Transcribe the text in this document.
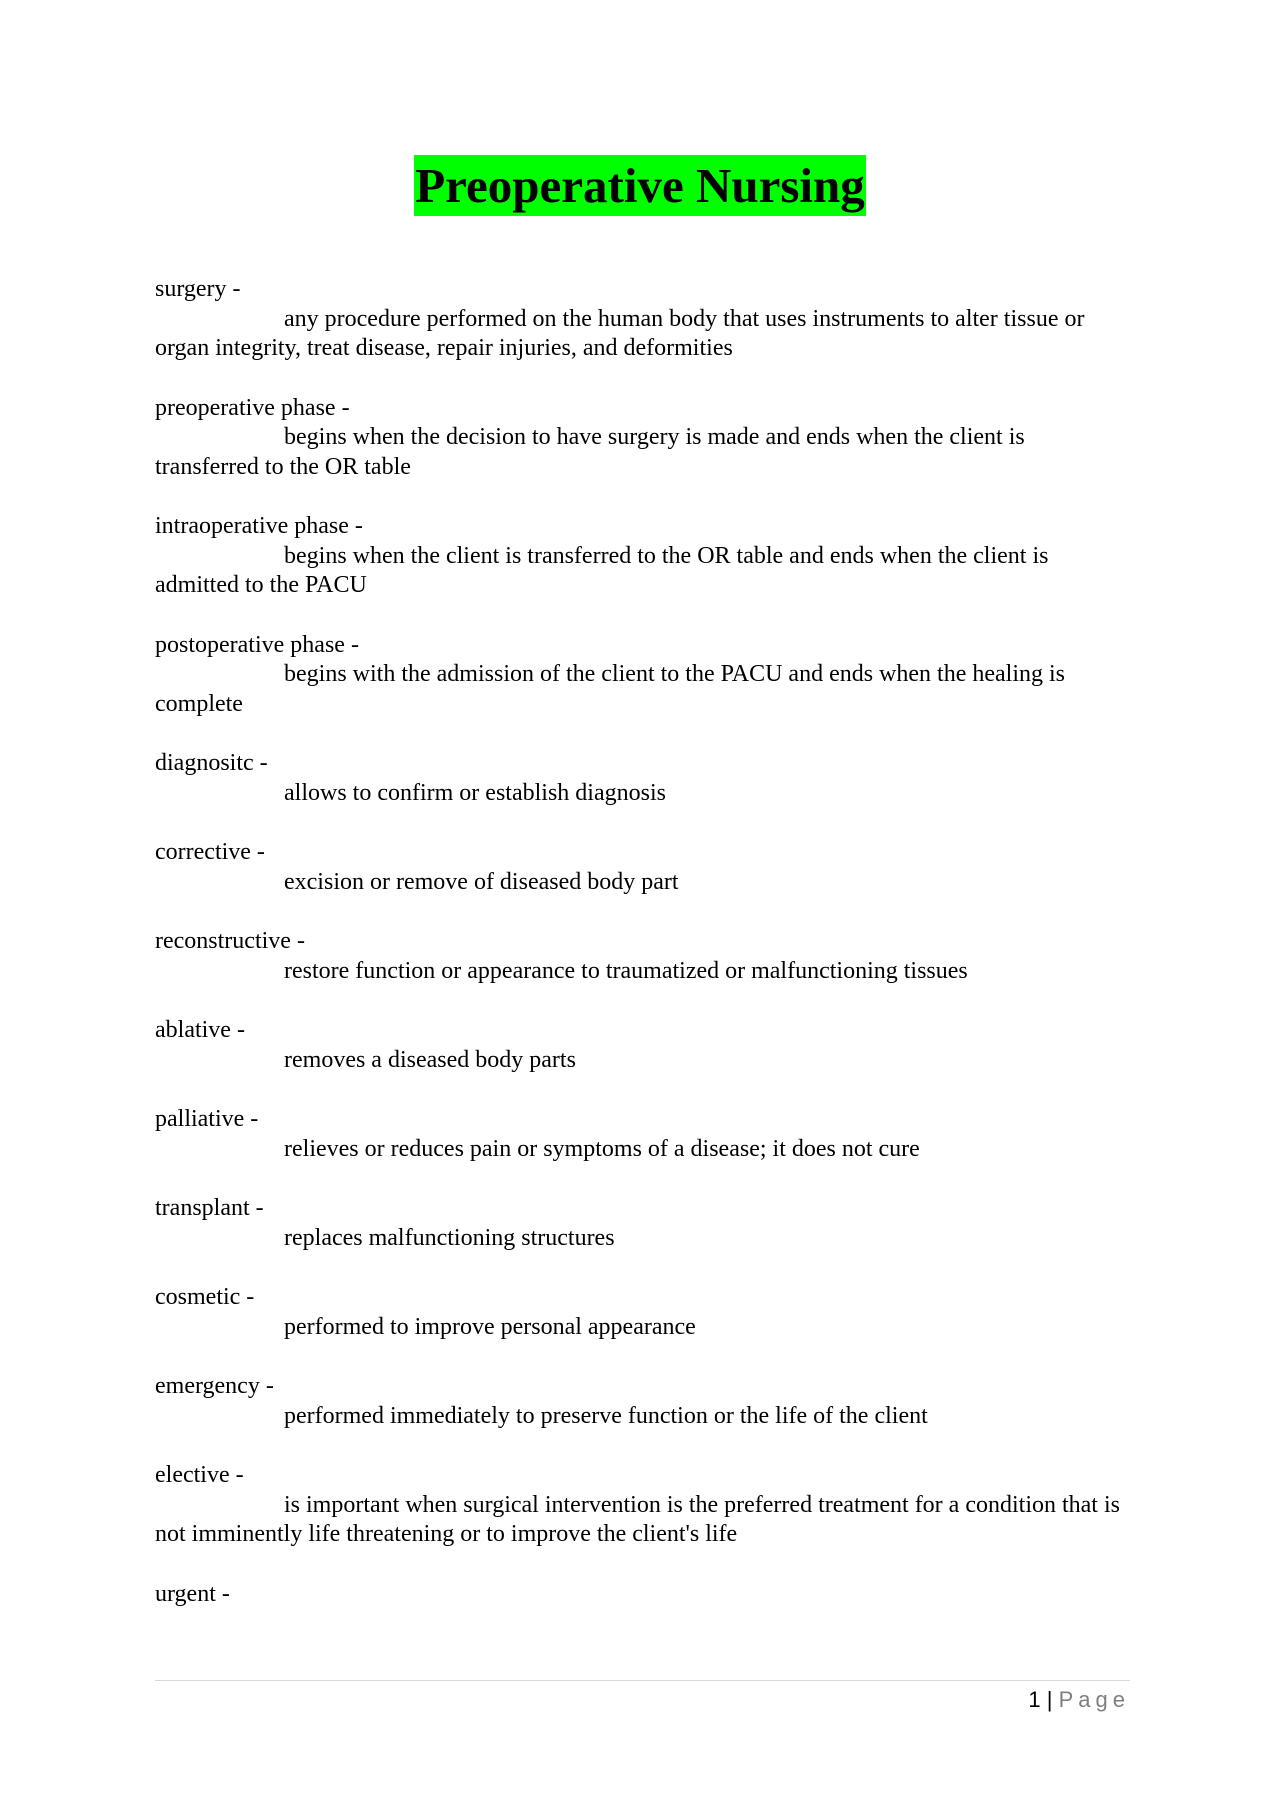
Preoperative Nursing
surgery -
any procedure performed on the human body that uses instruments to alter tissue or organ integrity, treat disease, repair injuries, and deformities
preoperative phase -
begins when the decision to have surgery is made and ends when the client is transferred to the OR table
intraoperative phase -
begins when the client is transferred to the OR table and ends when the client is admitted to the PACU
postoperative phase -
begins with the admission of the client to the PACU and ends when the healing is complete
diagnositc -
allows to confirm or establish diagnosis
corrective -
excision or remove of diseased body part
reconstructive -
restore function or appearance to traumatized or malfunctioning tissues
ablative -
removes a diseased body parts
palliative -
relieves or reduces pain or symptoms of a disease; it does not cure
transplant -
replaces malfunctioning structures
cosmetic -
performed to improve personal appearance
emergency -
performed immediately to preserve function or the life of the client
elective -
is important when surgical intervention is the preferred treatment for a condition that is not imminently life threatening or to improve the client's life
urgent -
1 | Page
